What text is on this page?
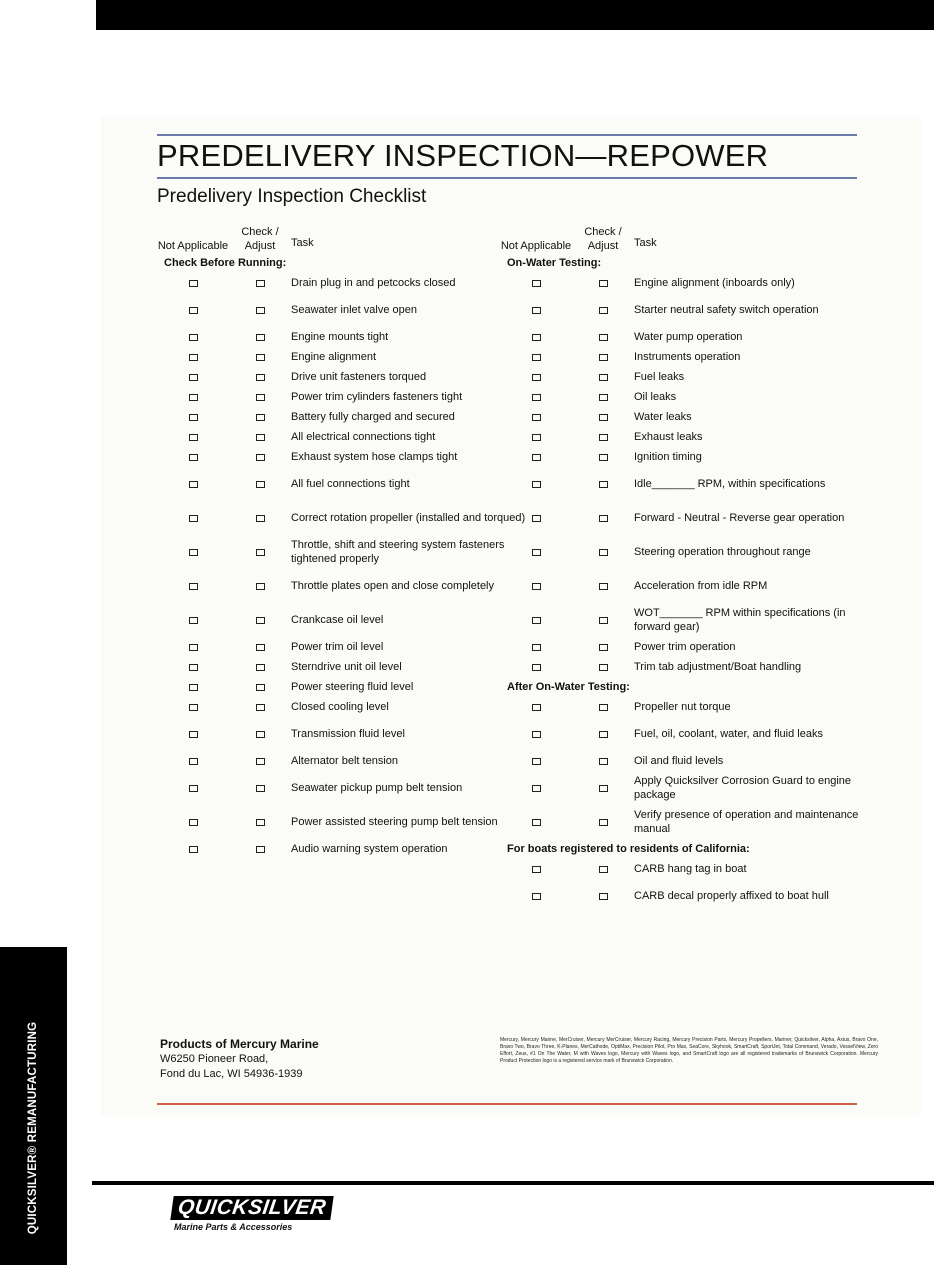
QUICKSILVER® REMANUFACTURING
PREDELIVERY INSPECTION—REPOWER
Predelivery Inspection Checklist
Not Applicable
Check / Adjust	Task
Check Before Running:
Drain plug in and petcocks closed
Seawater inlet valve open
Engine mounts tight
Engine alignment
Drive unit fasteners torqued
Power trim cylinders fasteners tight
Battery fully charged and secured
All electrical connections tight
Exhaust system hose clamps tight
All fuel connections tight
Correct rotation propeller (installed and torqued)
Throttle, shift and steering system fasteners tightened properly
Throttle plates open and close completely
Crankcase oil level
Power trim oil level
Sterndrive unit oil level
Power steering fluid level
Closed cooling level
Transmission fluid level
Alternator belt tension
Seawater pickup pump belt tension
Power assisted steering pump belt tension
Audio warning system operation
Not Applicable
Check / Adjust	Task
On-Water Testing:
Engine alignment (inboards only)
Starter neutral safety switch operation
Water pump operation
Instruments operation
Fuel leaks
Oil leaks
Water leaks
Exhaust leaks
Ignition timing
Idle_______ RPM, within specifications
Forward - Neutral - Reverse gear operation
Steering operation throughout range
Acceleration from idle RPM
WOT_______ RPM within specifications (in forward gear)
Power trim operation
Trim tab adjustment/Boat handling
After On-Water Testing:
Propeller nut torque
Fuel, oil, coolant, water, and fluid leaks
Oil and fluid levels
Apply Quicksilver Corrosion Guard to engine package
Verify presence of operation and maintenance manual
For boats registered to residents of California:
CARB hang tag in boat
CARB decal properly affixed to boat hull
Products of Mercury Marine
W6250 Pioneer Road,
Fond du Lac, WI 54936-1939
Mercury, Mercury Marine, MerCruiser, Mercury MerCruiser, Mercury Racing, Mercury Precision Parts, Mercury Propellers, Mariner, Quicksilver, Alpha, Axius, Bravo One, Bravo Two, Bravo Three, K-Planes, MerCathode, OptiMax, Precision Pilot, Pro Max, SeaCore, Skyhook, SmartCraft, SportJet, Total Command, Verado, VesselView, Zero Effort, Zeus, #1 On The Water, M with Waves logo, Mercury with Waves logo, and SmartCraft logo are all registered trademarks of Brunswick Corporation. Mercury Product Protection logo is a registered service mark of Brunswick Corporation.
QUICKSILVER
Marine Parts & Accessories
